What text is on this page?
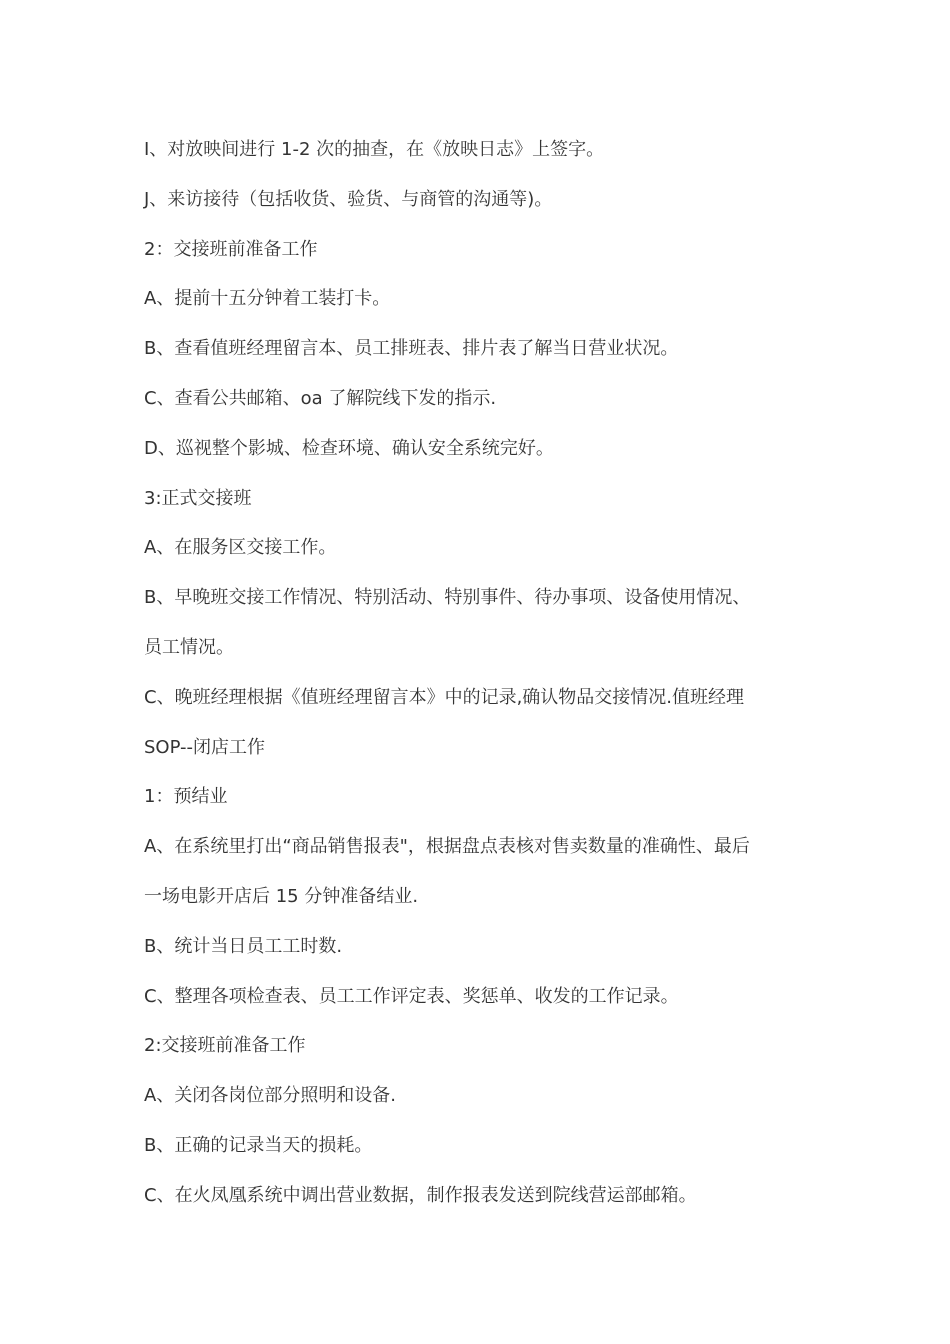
I、对放映间进行 1-2 次的抽查，在《放映日志》上签字。
J、来访接待（包括收货、验货、与商管的沟通等)。
2：交接班前准备工作
A、提前十五分钟着工装打卡。
B、查看值班经理留言本、员工排班表、排片表了解当日营业状况。
C、查看公共邮箱、oa 了解院线下发的指示.
D、巡视整个影城、检查环境、确认安全系统完好。
3:正式交接班
A、在服务区交接工作。
B、早晚班交接工作情况、特别活动、特别事件、待办事项、设备使用情况、
员工情况。
C、晚班经理根据《值班经理留言本》中的记录,确认物品交接情况.值班经理
SOP--闭店工作
1：预结业
A、在系统里打出“商品销售报表"，根据盘点表核对售卖数量的准确性、最后
一场电影开店后 15 分钟准备结业.
B、统计当日员工工时数.
C、整理各项检查表、员工工作评定表、奖惩单、收发的工作记录。
2:交接班前准备工作
A、关闭各岗位部分照明和设备.
B、正确的记录当天的损耗。
C、在火凤凰系统中调出营业数据，制作报表发送到院线营运部邮箱。
